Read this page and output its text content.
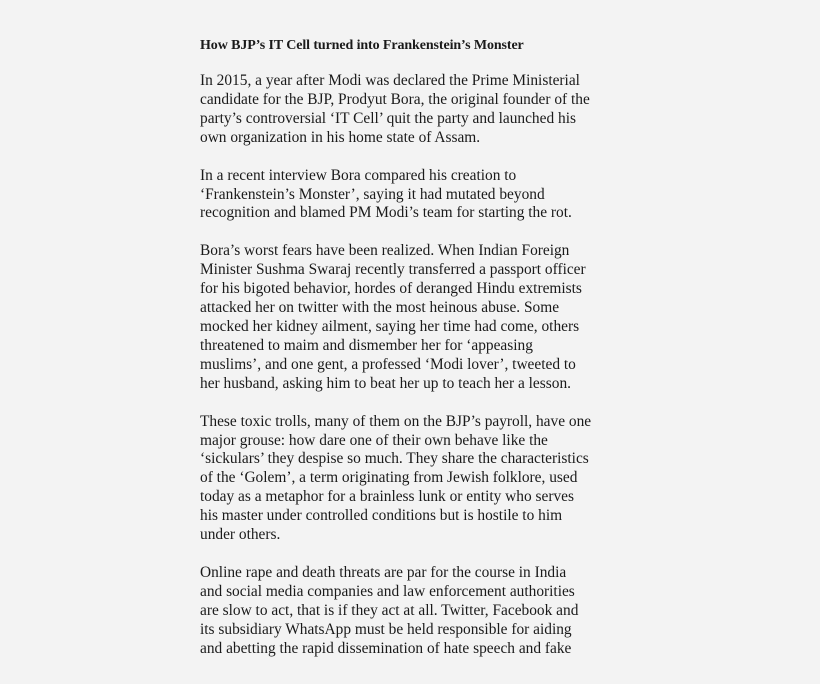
How BJP’s IT Cell turned into Frankenstein’s Monster
In 2015, a year after Modi was declared the Prime Ministerial
candidate for the BJP, Prodyut Bora, the original founder of the
party’s controversial ‘IT Cell’ quit the party and launched his
own organization in his home state of Assam.
In a recent interview Bora compared his creation to
‘Frankenstein’s Monster’, saying it had mutated beyond
recognition and blamed PM Modi’s team for starting the rot.
Bora’s worst fears have been realized. When Indian Foreign
Minister Sushma Swaraj recently transferred a passport officer
for his bigoted behavior, hordes of deranged Hindu extremists
attacked her on twitter with the most heinous abuse. Some
mocked her kidney ailment, saying her time had come, others
threatened to maim and dismember her for ‘appeasing
muslims’, and one gent, a professed ‘Modi lover’, tweeted to
her husband, asking him to beat her up to teach her a lesson.
These toxic trolls, many of them on the BJP’s payroll, have one
major grouse: how dare one of their own behave like the
‘sickulars’ they despise so much. They share the characteristics
of the ‘Golem’, a term originating from Jewish folklore, used
today as a metaphor for a brainless lunk or entity who serves
his master under controlled conditions but is hostile to him
under others.
Online rape and death threats are par for the course in India
and social media companies and law enforcement authorities
are slow to act, that is if they act at all. Twitter, Facebook and
its subsidiary WhatsApp must be held responsible for aiding
and abetting the rapid dissemination of hate speech and fake
